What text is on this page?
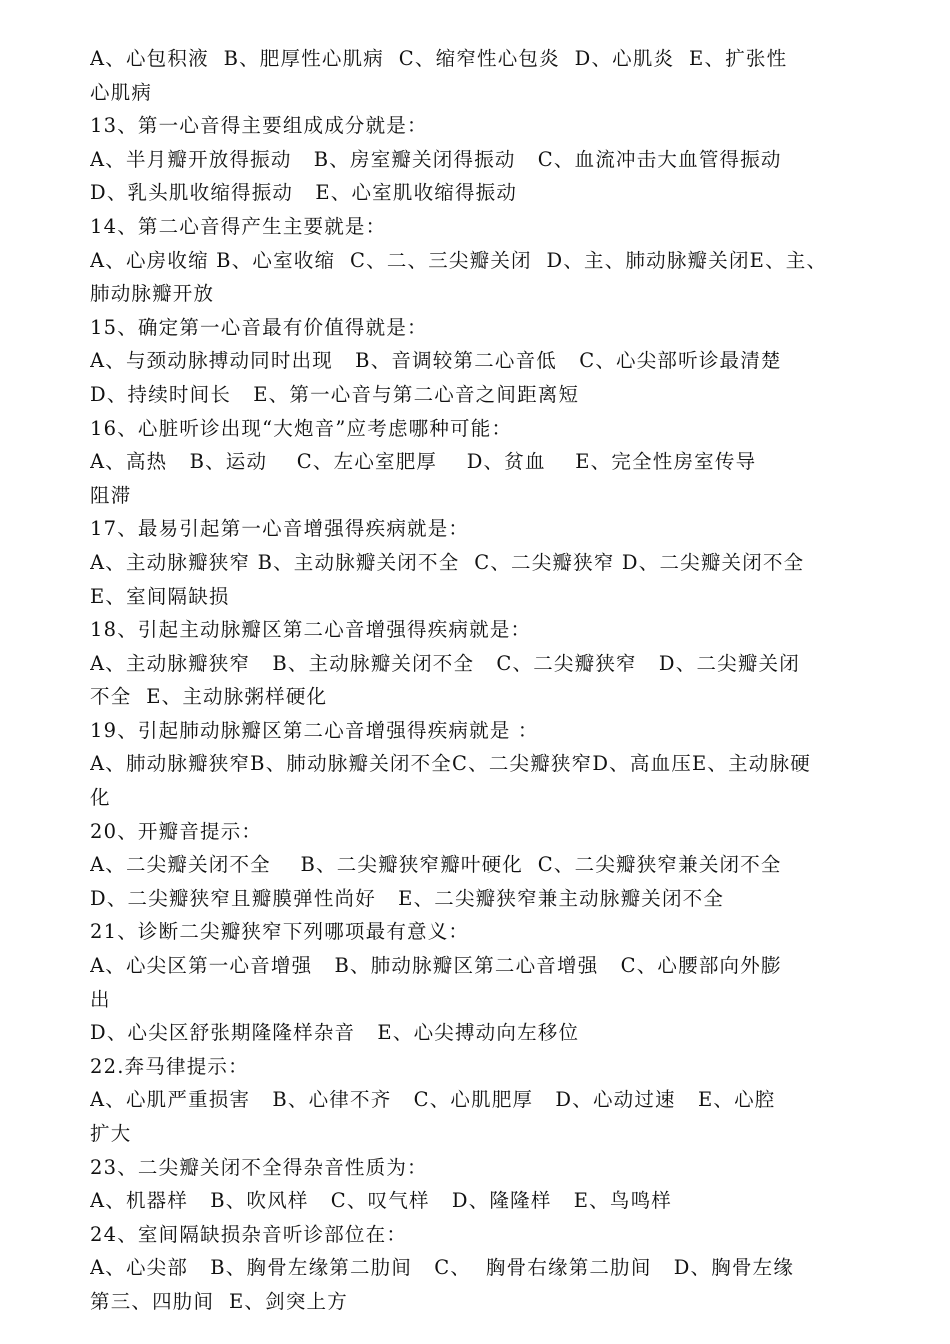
A、心包积液  B、肥厚性心肌病  C、缩窄性心包炎  D、心肌炎  E、扩张性
心肌病
13、第一心音得主要组成成分就是：
A、半月瓣开放得振动   B、房室瓣关闭得振动   C、血流冲击大血管得振动
D、乳头肌收缩得振动   E、心室肌收缩得振动
14、第二心音得产生主要就是：
A、心房收缩 B、心室收缩  C、二、三尖瓣关闭  D、主、肺动脉瓣关闭E、主、
肺动脉瓣开放
15、确定第一心音最有价值得就是：
A、与颈动脉搏动同时出现   B、音调较第二心音低   C、心尖部听诊最清楚
D、持续时间长   E、第一心音与第二心音之间距离短
16、心脏听诊出现“大炮音”应考虑哪种可能：
A、高热   B、运动    C、左心室肥厚    D、贫血    E、完全性房室传导
阻滞
17、最易引起第一心音增强得疾病就是：
A、主动脉瓣狭窄 B、主动脉瓣关闭不全  C、二尖瓣狭窄 D、二尖瓣关闭不全
E、室间隔缺损
18、引起主动脉瓣区第二心音增强得疾病就是：
A、主动脉瓣狭窄   B、主动脉瓣关闭不全   C、二尖瓣狭窄   D、二尖瓣关闭
不全  E、主动脉粥样硬化
19、引起肺动脉瓣区第二心音增强得疾病就是 ：
A、肺动脉瓣狭窄B、肺动脉瓣关闭不全C、二尖瓣狭窄D、高血压E、主动脉硬
化
20、开瓣音提示：
A、二尖瓣关闭不全    B、二尖瓣狭窄瓣叶硬化  C、二尖瓣狭窄兼关闭不全
D、二尖瓣狭窄且瓣膜弹性尚好   E、二尖瓣狭窄兼主动脉瓣关闭不全
21、诊断二尖瓣狭窄下列哪项最有意义：
A、心尖区第一心音增强   B、肺动脉瓣区第二心音增强   C、心腰部向外膨
出
D、心尖区舒张期隆隆样杂音   E、心尖搏动向左移位
22.奔马律提示：
A、心肌严重损害   B、心律不齐   C、心肌肥厚   D、心动过速   E、心腔
扩大
23、二尖瓣关闭不全得杂音性质为：
A、机器样   B、吹风样   C、叹气样   D、隆隆样   E、鸟鸣样
24、室间隔缺损杂音听诊部位在：
A、心尖部   B、胸骨左缘第二肋间   C、  胸骨右缘第二肋间   D、胸骨左缘
第三、四肋间  E、剑突上方
